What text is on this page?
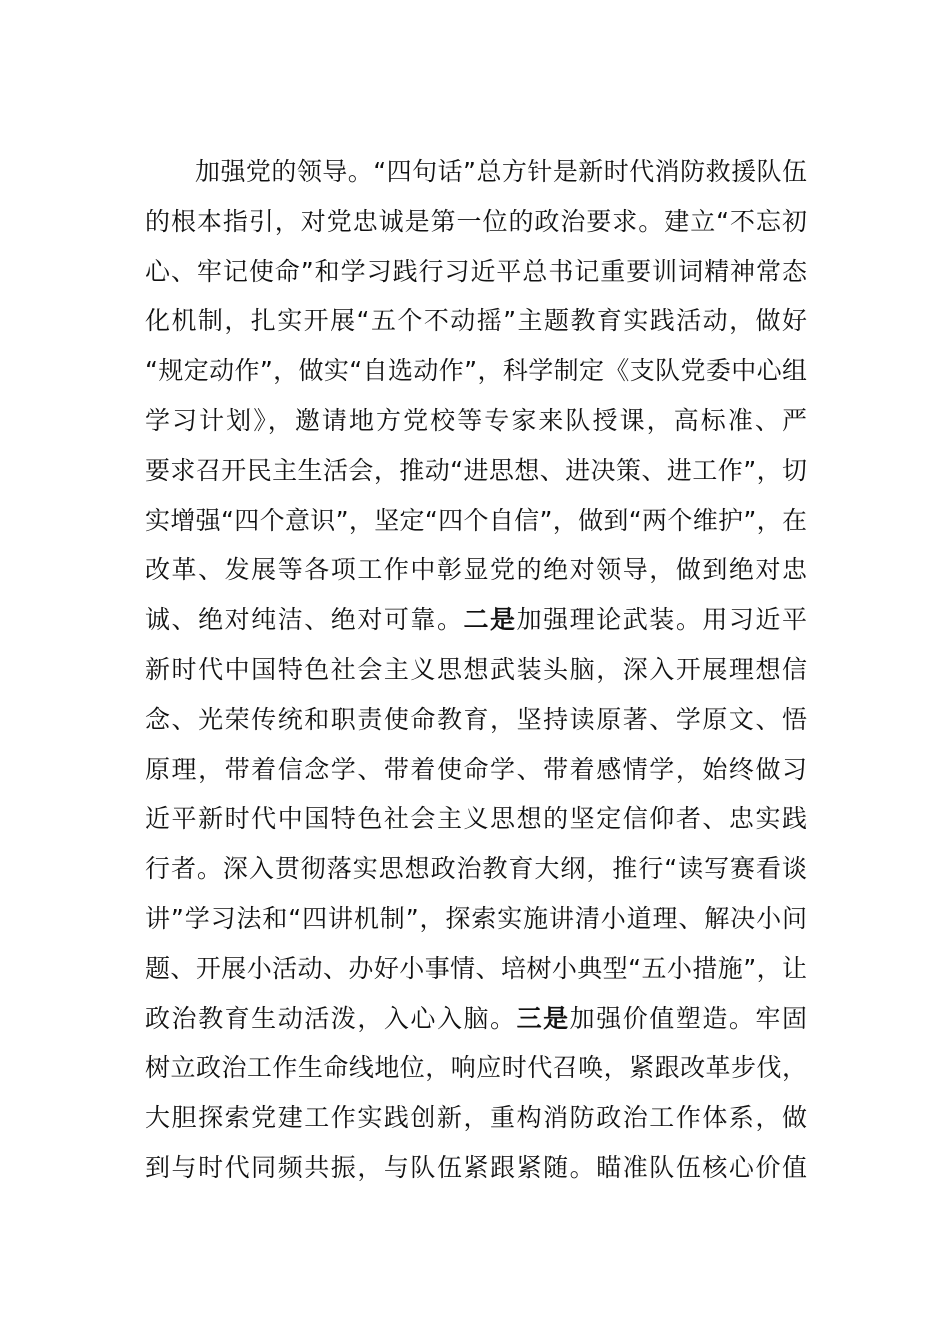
加强党的领导。“四句话”总方针是新时代消防救援队伍
的根本指引，对党忠诚是第一位的政治要求。建立“不忘初
心、牢记使命”和学习践行习近平总书记重要训词精神常态
化机制，扎实开展“五个不动摇”主题教育实践活动，做好
“规定动作”，做实“自选动作”，科学制定《支队党委中心组
学习计划》，邀请地方党校等专家来队授课，高标准、严
要求召开民主生活会，推动“进思想、进决策、进工作”，切
实增强“四个意识”，坚定“四个自信”，做到“两个维护”，在
改革、发展等各项工作中彰显党的绝对领导，做到绝对忠
诚、绝对纯洁、绝对可靠。二是加强理论武装。用习近平
新时代中国特色社会主义思想武装头脑，深入开展理想信
念、光荣传统和职责使命教育，坚持读原著、学原文、悟
原理，带着信念学、带着使命学、带着感情学，始终做习
近平新时代中国特色社会主义思想的坚定信仰者、忠实践
行者。深入贯彻落实思想政治教育大纲，推行“读写赛看谈
讲”学习法和“四讲机制”，探索实施讲清小道理、解决小问
题、开展小活动、办好小事情、培树小典型“五小措施”，让
政治教育生动活泼，入心入脑。三是加强价值塑造。牢固
树立政治工作生命线地位，响应时代召唤，紧跟改革步伐，
大胆探索党建工作实践创新，重构消防政治工作体系，做
到与时代同频共振，与队伍紧跟紧随。瞄准队伍核心价值
